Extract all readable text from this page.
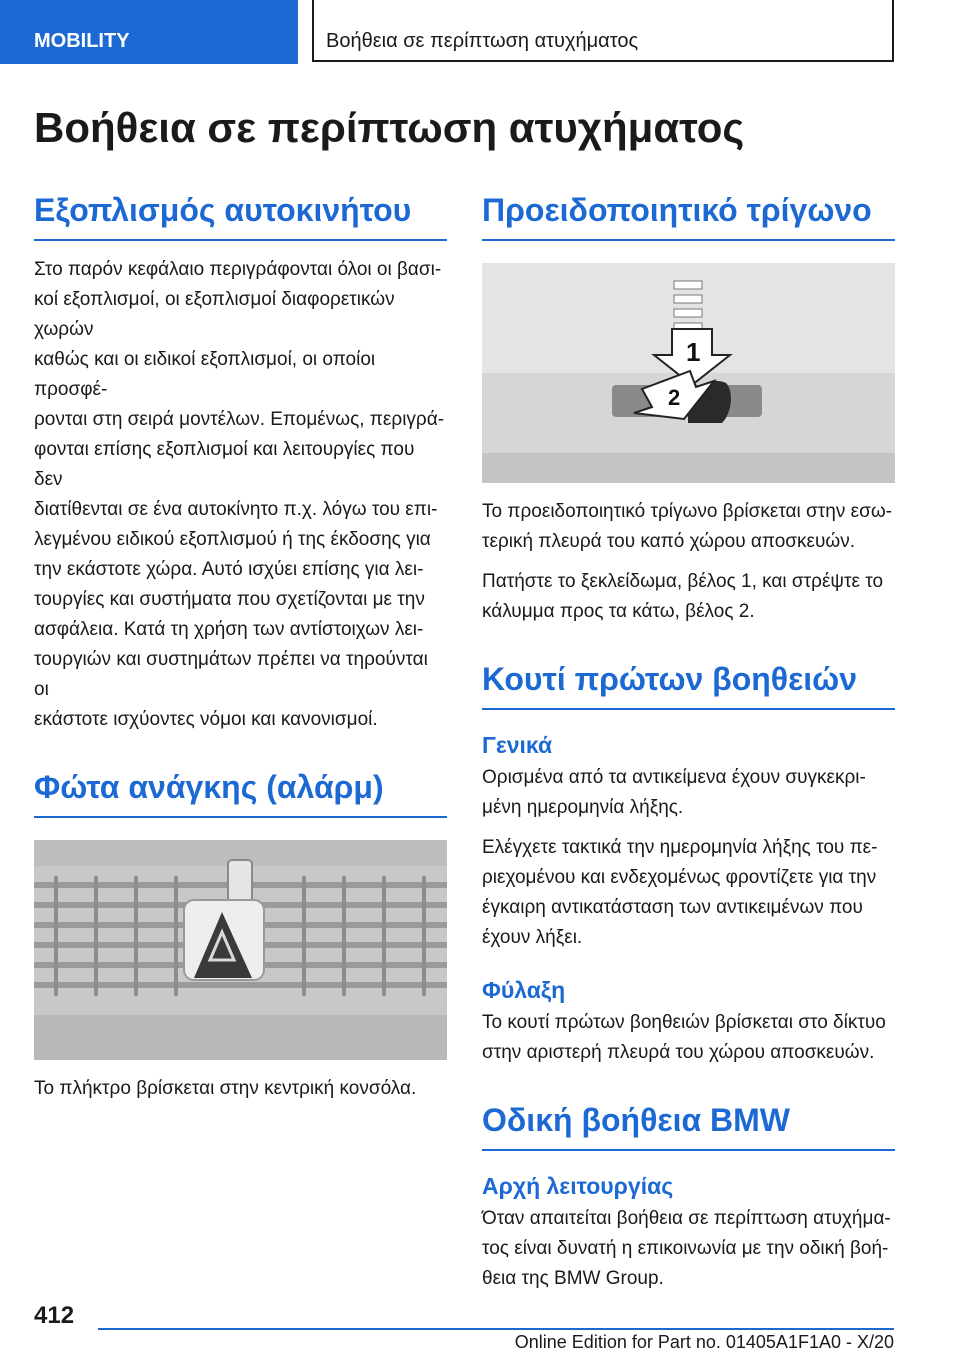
MOBILITY	Βοήθεια σε περίπτωση ατυχήματος
Βοήθεια σε περίπτωση ατυχήματος
Εξοπλισμός αυτοκινήτου

Στο παρόν κεφάλαιο περιγράφονται όλοι οι βασι-
κοί εξοπλισμοί, οι εξοπλισμοί διαφορετικών χωρών
καθώς και οι ειδικοί εξοπλισμοί, οι οποίοι προσφέ-
ρονται στη σειρά μοντέλων. Επομένως, περιγρά-
φονται επίσης εξοπλισμοί και λειτουργίες που δεν
διατίθενται σε ένα αυτοκίνητο π.χ. λόγω του επι-
λεγμένου ειδικού εξοπλισμού ή της έκδοσης για
την εκάστοτε χώρα. Αυτό ισχύει επίσης για λει-
τουργίες και συστήματα που σχετίζονται με την
ασφάλεια. Κατά τη χρήση των αντίστοιχων λει-
τουργιών και συστημάτων πρέπει να τηρούνται οι
εκάστοτε ισχύοντες νόμοι και κανονισμοί.

Φώτα ανάγκης (αλάρμ)

Το πλήκτρο βρίσκεται στην κεντρική κονσόλα.

Προειδοποιητικό τρίγωνο
1
2

Το προειδοποιητικό τρίγωνο βρίσκεται στην εσω-
τερική πλευρά του καπό χώρου αποσκευών.

Πατήστε το ξεκλείδωμα, βέλος 1, και στρέψτε το
κάλυμμα προς τα κάτω, βέλος 2.

Κουτί πρώτων βοηθειών
Γενικά

Ορισμένα από τα αντικείμενα έχουν συγκεκρι-
μένη ημερομηνία λήξης.

Ελέγχετε τακτικά την ημερομηνία λήξης του πε-
ριεχομένου και ενδεχομένως φροντίζετε για την
έγκαιρη αντικατάσταση των αντικειμένων που
έχουν λήξει.

Φύλαξη

Το κουτί πρώτων βοηθειών βρίσκεται στο δίκτυο
στην αριστερή πλευρά του χώρου αποσκευών.

Οδική βοήθεια BMW
Αρχή λειτουργίας

Όταν απαιτείται βοήθεια σε περίπτωση ατυχήμα-
τος είναι δυνατή η επικοινωνία με την οδική βοή-
θεια της BMW Group.

412
Online Edition for Part no. 01405A1F1A0 - X/20
